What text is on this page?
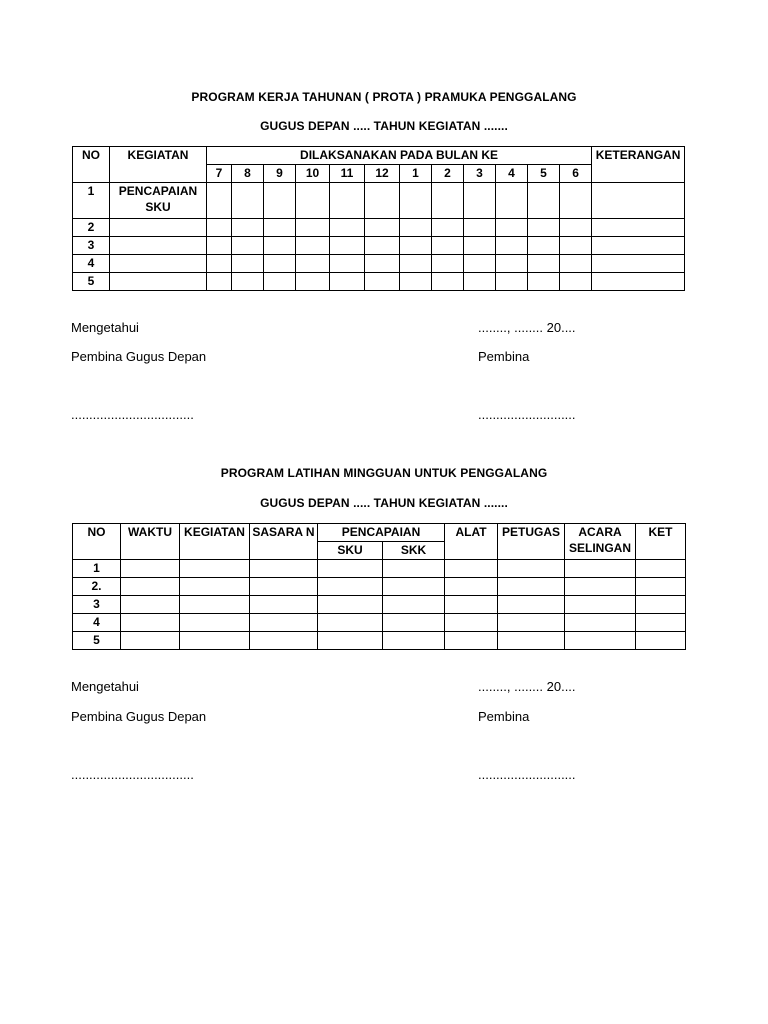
PROGRAM KERJA TAHUNAN ( PROTA ) PRAMUKA PENGGALANG
GUGUS DEPAN ..... TAHUN KEGIATAN .......
NO	KEGIATAN	DILAKSANAKAN PADA BULAN KE												KETERANGAN
		7	8	9	10	11	12	1	2	3	4	5	6	
1	PENCAPAIAN SKU													
2														
3														
4														
5														
Mengetahui
Pembina Gugus Depan
..................................
........, ........ 20....
Pembina
...........................
PROGRAM LATIHAN MINGGUAN UNTUK PENGGALANG
GUGUS DEPAN ..... TAHUN KEGIATAN .......
NO	WAKTU	KEGIATAN	SASARA N	PENCAPAIAN		ALAT	PETUGAS	ACARA SELINGAN	KET
				SKU	SKK				
1									
2.									
3									
4									
5									
Mengetahui
Pembina Gugus Depan
..................................
........, ........ 20....
Pembina
...........................
